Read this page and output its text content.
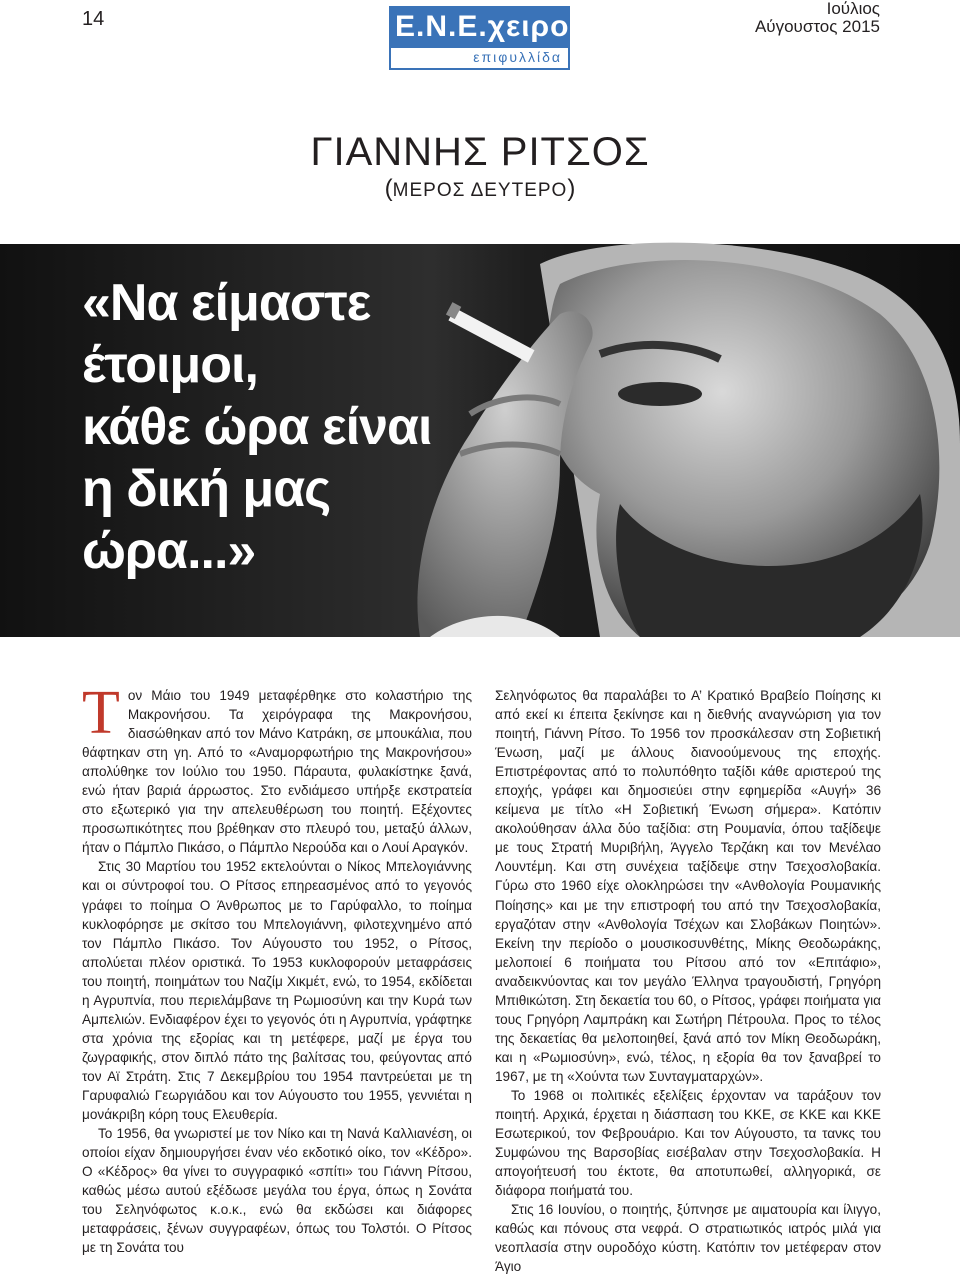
14	Ιούλιος
Αύγουστος 2015
Ε.Ν.Ε.χειρο
επιφυλλίδα
ΓΙΑΝΝΗΣ ΡΙΤΣΟΣ
(ΜΕΡΟΣ ΔΕΥΤΕΡΟ)
«Να είμαστε
έτοιμοι,
κάθε ώρα είναι
η δική μας
ώρα...»

Τον Μάιο του 1949 μεταφέρθηκε στο κολαστήριο της Μακρονήσου. Τα χειρόγραφα της Μακρονήσου, διασώθηκαν από τον Μάνο Κατράκη, σε μπουκάλια, που θάφτηκαν στη γη. Από το «Αναμορφωτήριο της Μακρονήσου» απολύθηκε τον Ιούλιο του 1950. Πάραυτα, φυλακίστηκε ξανά, ενώ ήταν βαριά άρρωστος. Στο ενδιάμεσο υπήρξε εκστρατεία στο εξωτερικό για την απελευθέρωση του ποιητή. Εξέχοντες προσωπικότητες που βρέθηκαν στο πλευρό του, μεταξύ άλλων, ήταν ο Πάμπλο Πικάσο, ο Πάμπλο Νερούδα και ο Λουί Αραγκόν.

Στις 30 Μαρτίου του 1952 εκτελούνται ο Νίκος Μπελογιάννης και οι σύντροφοί του. Ο Ρίτσος επηρεασμένος από το γεγονός γράφει το ποίημα Ο Άνθρωπος με το Γαρύφαλλο, το ποίημα κυκλοφόρησε με σκίτσο του Μπελογιάννη, φιλοτεχνημένο από τον Πάμπλο Πικάσο. Τον Αύγουστο του 1952, ο Ρίτσος, απολύεται πλέον οριστικά. Το 1953 κυκλοφορούν μεταφράσεις του ποιητή, ποιημάτων του Ναζίμ Χικμέτ, ενώ, το 1954, εκδίδεται η Αγρυπνία, που περιελάμβανε τη Ρωμιοσύνη και την Κυρά των Αμπελιών. Ενδιαφέρον έχει το γεγονός ότι η Αγρυπνία, γράφτηκε στα χρόνια της εξορίας και τη μετέφερε, μαζί με έργα του ζωγραφικής, στον διπλό πάτο της βαλίτσας του, φεύγοντας από τον Αϊ Στράτη. Στις 7 Δεκεμβρίου του 1954 παντρεύεται με τη Γαρυφαλιώ Γεωργιάδου και τον Αύγουστο του 1955, γεννιέται η μονάκριβη κόρη τους Ελευθερία.

Το 1956, θα γνωριστεί με τον Νίκο και τη Νανά Καλλιανέση, οι οποίοι είχαν δημιουργήσει έναν νέο εκδοτικό οίκο, τον «Κέδρο». Ο «Κέδρος» θα γίνει το συγγραφικό «σπίτι» του Γιάννη Ρίτσου, καθώς μέσω αυτού εξέδωσε μεγάλα του έργα, όπως η Σονάτα του Σεληνόφωτος κ.ο.κ., ενώ θα εκδώσει και διάφορες μεταφράσεις, ξένων συγγραφέων, όπως του Τολστόι. Ο Ρίτσος με τη Σονάτα του

Σεληνόφωτος θα παραλάβει το Α’ Κρατικό Βραβείο Ποίησης κι από εκεί κι έπειτα ξεκίνησε και η διεθνής αναγνώριση για τον ποιητή, Γιάννη Ρίτσο. Το 1956 τον προσκάλεσαν στη Σοβιετική Ένωση, μαζί με άλλους διανοούμενους της εποχής. Επιστρέφοντας από το πολυπόθητο ταξίδι κάθε αριστερού της εποχής, γράφει και δημοσιεύει στην εφημερίδα «Αυγή» 36 κείμενα με τίτλο «Η Σοβιετική Ένωση σήμερα». Κατόπιν ακολούθησαν άλλα δύο ταξίδια: στη Ρουμανία, όπου ταξίδεψε με τους Στρατή Μυριβήλη, Άγγελο Τερζάκη και τον Μενέλαο Λουντέμη. Και στη συνέχεια ταξίδεψε στην Τσεχοσλοβακία. Γύρω στο 1960 είχε ολοκληρώσει την «Ανθολογία Ρουμανικής Ποίησης» και με την επιστροφή του από την Τσεχοσλοβακία, εργαζόταν στην «Ανθολογία Τσέχων και Σλοβάκων Ποιητών». Εκείνη την περίοδο ο μουσικοσυνθέτης, Μίκης Θεοδωράκης, μελοποιεί 6 ποιήματα του Ρίτσου από τον «Επιτάφιο», αναδεικνύοντας και τον μεγάλο Έλληνα τραγουδιστή, Γρηγόρη Μπιθικώτση. Στη δεκαετία του 60, ο Ρίτσος, γράφει ποιήματα για τους Γρηγόρη Λαμπράκη και Σωτήρη Πέτρουλα. Προς το τέλος της δεκαετίας θα μελοποιηθεί, ξανά από τον Μίκη Θεοδωράκη, και η «Ρωμιοσύνη», ενώ, τέλος, η εξορία θα τον ξαναβρεί το 1967, με τη «Χούντα των Συνταγματαρχών».

Το 1968 οι πολιτικές εξελίξεις έρχονταν να ταράξουν τον ποιητή. Αρχικά, έρχεται η διάσπαση του ΚΚΕ, σε ΚΚΕ και ΚΚΕ Εσωτερικού, τον Φεβρουάριο. Και τον Αύγουστο, τα τανκς του Συμφώνου της Βαρσοβίας εισέβαλαν στην Τσεχοσλοβακία. Η απογοήτευσή του έκτοτε, θα αποτυπωθεί, αλληγορικά, σε διάφορα ποιήματά του.

Στις 16 Ιουνίου, ο ποιητής, ξύπνησε με αιματουρία και ίλιγγο, καθώς και πόνους στα νεφρά. Ο στρατιωτικός ιατρός μιλά για νεοπλασία στην ουροδόχο κύστη. Κατόπιν τον μετέφεραν στον Άγιο
